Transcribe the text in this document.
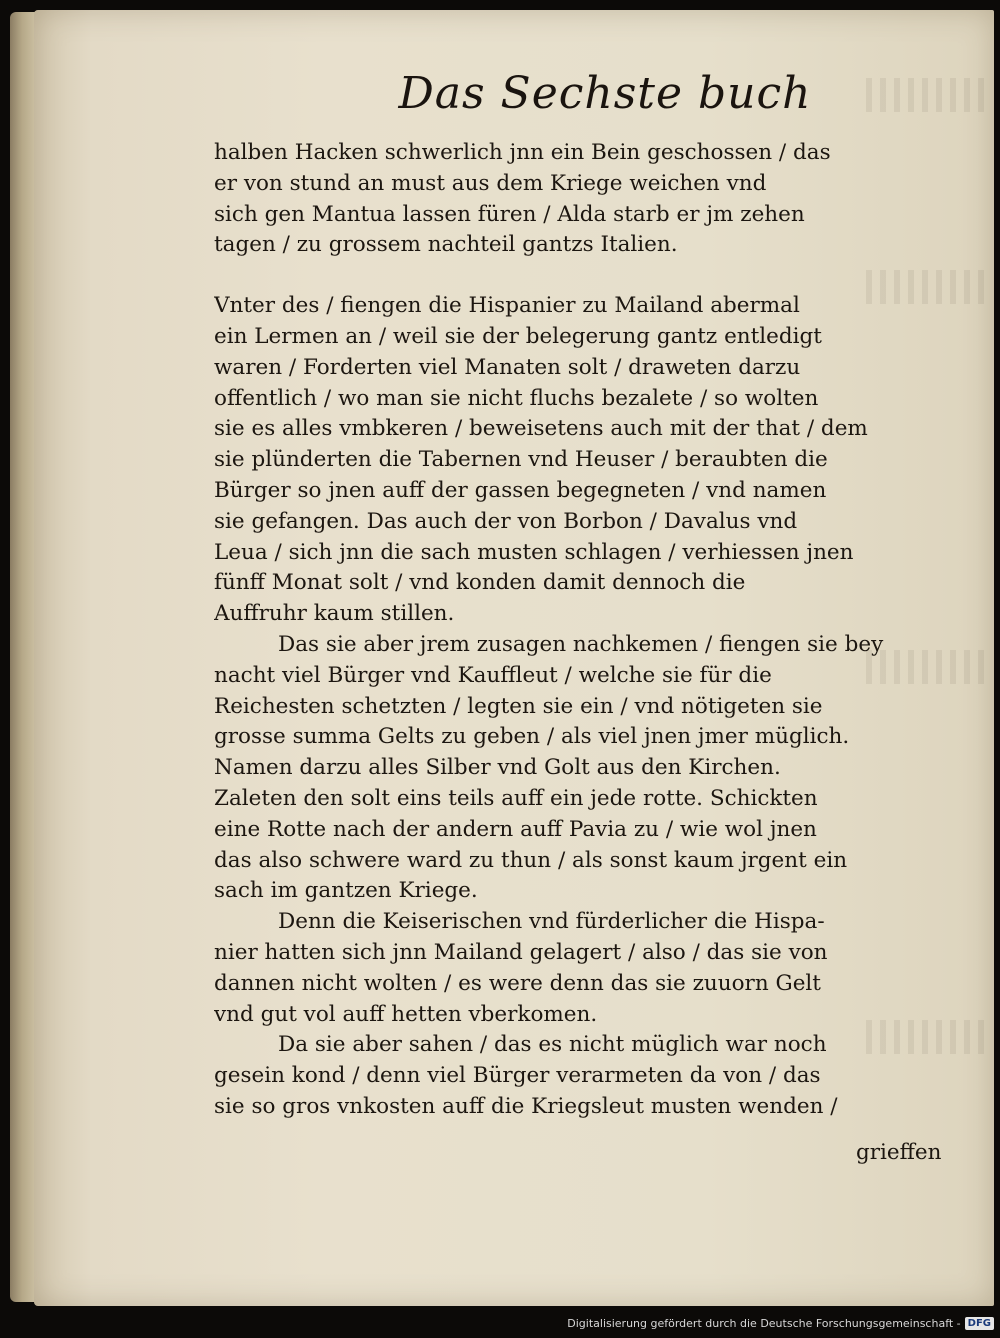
Das Sechste buch
halben Hacken schwerlich jnn ein Bein geschossen / das
er von stund an must aus dem Kriege weichen vnd
sich gen Mantua lassen füren / Alda starb er jm zehen
tagen / zu grossem nachteil gantzs Italien.
Vnter des / fiengen die Hispanier zu Mailand abermal
ein Lermen an / weil sie der belegerung gantz entledigt
waren / Forderten viel Manaten solt / draweten darzu
offentlich / wo man sie nicht fluchs bezalete / so wolten
sie es alles vmbkeren / beweisetens auch mit der that / dem
sie plünderten die Tabernen vnd Heuser / beraubten die
Bürger so jnen auff der gassen begegneten / vnd namen
sie gefangen. Das auch der von Borbon / Davalus vnd
Leua / sich jnn die sach musten schlagen / verhiessen jnen
fünff Monat solt / vnd konden damit dennoch die
Auffruhr kaum stillen.
Das sie aber jrem zusagen nachkemen / fiengen sie bey
nacht viel Bürger vnd Kauffleut / welche sie für die
Reichesten schetzten / legten sie ein / vnd nötigeten sie
grosse summa Gelts zu geben / als viel jnen jmer müglich.
Namen darzu alles Silber vnd Golt aus den Kirchen.
Zaleten den solt eins teils auff ein jede rotte. Schickten
eine Rotte nach der andern auff Pavia zu / wie wol jnen
das also schwere ward zu thun / als sonst kaum jrgent ein
sach im gantzen Kriege.
Denn die Keiserischen vnd fürderlicher die Hispa-
nier hatten sich jnn Mailand gelagert / also / das sie von
dannen nicht wolten / es were denn das sie zuuorn Gelt
vnd gut vol auff hetten vberkomen.
Da sie aber sahen / das es nicht müglich war noch
gesein kond / denn viel Bürger verarmeten da von / das
sie so gros vnkosten auff die Kriegsleut musten wenden /
grieffen
Digitalisierung gefördert durch die Deutsche Forschungsgemeinschaft - DFG
